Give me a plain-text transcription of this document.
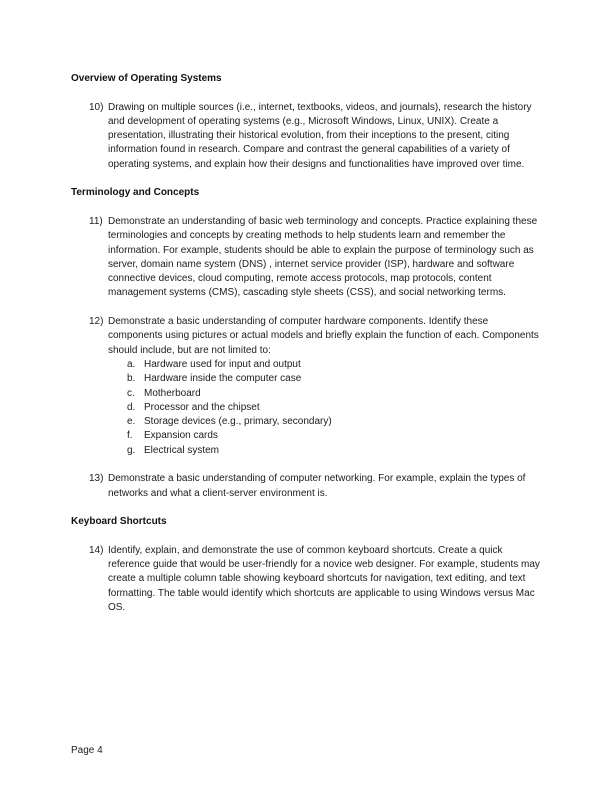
Overview of Operating Systems
10) Drawing on multiple sources (i.e., internet, textbooks, videos, and journals), research the history and development of operating systems (e.g., Microsoft Windows, Linux, UNIX). Create a presentation, illustrating their historical evolution, from their inceptions to the present, citing information found in research. Compare and contrast the general capabilities of a variety of operating systems, and explain how their designs and functionalities have improved over time.
Terminology and Concepts
11) Demonstrate an understanding of basic web terminology and concepts. Practice explaining these terminologies and concepts by creating methods to help students learn and remember the information. For example, students should be able to explain the purpose of terminology such as server, domain name system (DNS) , internet service provider (ISP), hardware and software connective devices, cloud computing, remote access protocols, map protocols, content management systems (CMS), cascading style sheets (CSS), and social networking terms.
12) Demonstrate a basic understanding of computer hardware components. Identify these components using pictures or actual models and briefly explain the function of each. Components should include, but are not limited to:
a. Hardware used for input and output
b. Hardware inside the computer case
c. Motherboard
d. Processor and the chipset
e. Storage devices (e.g., primary, secondary)
f.	Expansion cards
g. Electrical system
13) Demonstrate a basic understanding of computer networking. For example, explain the types of networks and what a client-server environment is.
Keyboard Shortcuts
14) Identify, explain, and demonstrate the use of common keyboard shortcuts. Create a quick reference guide that would be user-friendly for a novice web designer. For example, students may create a multiple column table showing keyboard shortcuts for navigation, text editing, and text formatting. The table would identify which shortcuts are applicable to using Windows versus Mac OS.
Page 4
